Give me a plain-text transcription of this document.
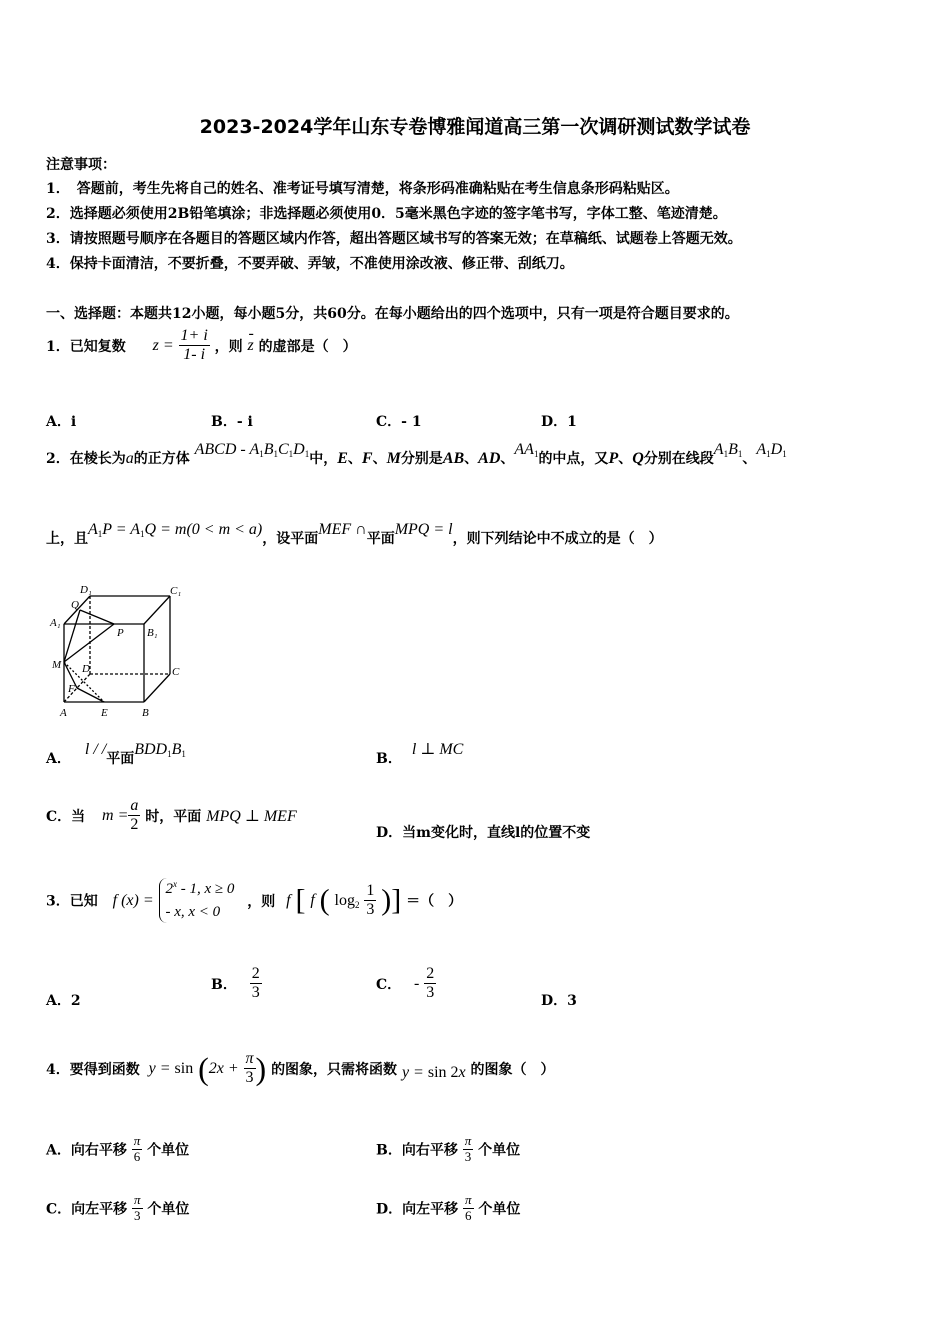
2023-2024学年山东专卷博雅闻道高三第一次调研测试数学试卷
注意事项：
1．　答题前，考生先将自己的姓名、准考证号填写清楚，将条形码准确粘贴在考生信息条形码粘贴区。
2．选择题必须使用2B铅笔填涂；非选择题必须使用0．5毫米黑色字迹的签字笔书写，字体工整、笔迹清楚。
3．请按照题号顺序在各题目的答题区域内作答，超出答题区域书写的答案无效；在草稿纸、试题卷上答题无效。
4．保持卡面清洁，不要折叠，不要弄破、弄皱，不准使用涂改液、修正带、刮纸刀。
一、选择题：本题共12小题，每小题5分，共60分。在每小题给出的四个选项中，只有一项是符合题目要求的。
1．已知复数 $z = \frac{1+ i}{1- i}$ ，则
-
z 的虚部是（　）
A．i	B．- i	C．- 1	D．1
2．在棱长为a的正方体 ABCD - $A_1B_1C_1D_1$中，E、F、M分别是AB、AD、$AA_1$的中点，又P、Q分别在线段$A_1B_1$、$A_1D_1$
上，且$A_1P = A_1Q = m(0 < m < a)$，设平面MEF ∩平面MPQ = l，则下列结论中不成立的是（　）
D₁	C₁
Q
A₁
P B₁
M D	C
F
A	E	B
A．l / /平面$BDD_1B_1$	B．l ⊥ MC
C．当 $m = \frac{a}{2}$ 时，平面 MPQ ⊥ MEF
D．当m变化时，直线l的位置不变
3．已知 f $(x) = 2^x - 1$, x ≥ 0
- x, x < 0 ，则 f [ f ( $\log_2 \frac{1}{3}$ )] ＝（　）
A．2
B． $\frac{2}{3}$	C． - $\frac{2}{3}$	D．3
4．要得到函数 $y = \sin (2x + \frac{\pi}{3}$ ) 的图象，只需将函数 y = sin 2x 的图象（　）
A．向右平移 $\frac{\pi}{6}$ 个单位	B．向右平移 $\frac{\pi}{3}$ 个单位
C．向左平移 $\frac{\pi}{3}$ 个单位	D．向左平移 $\frac{\pi}{6}$ 个单位
